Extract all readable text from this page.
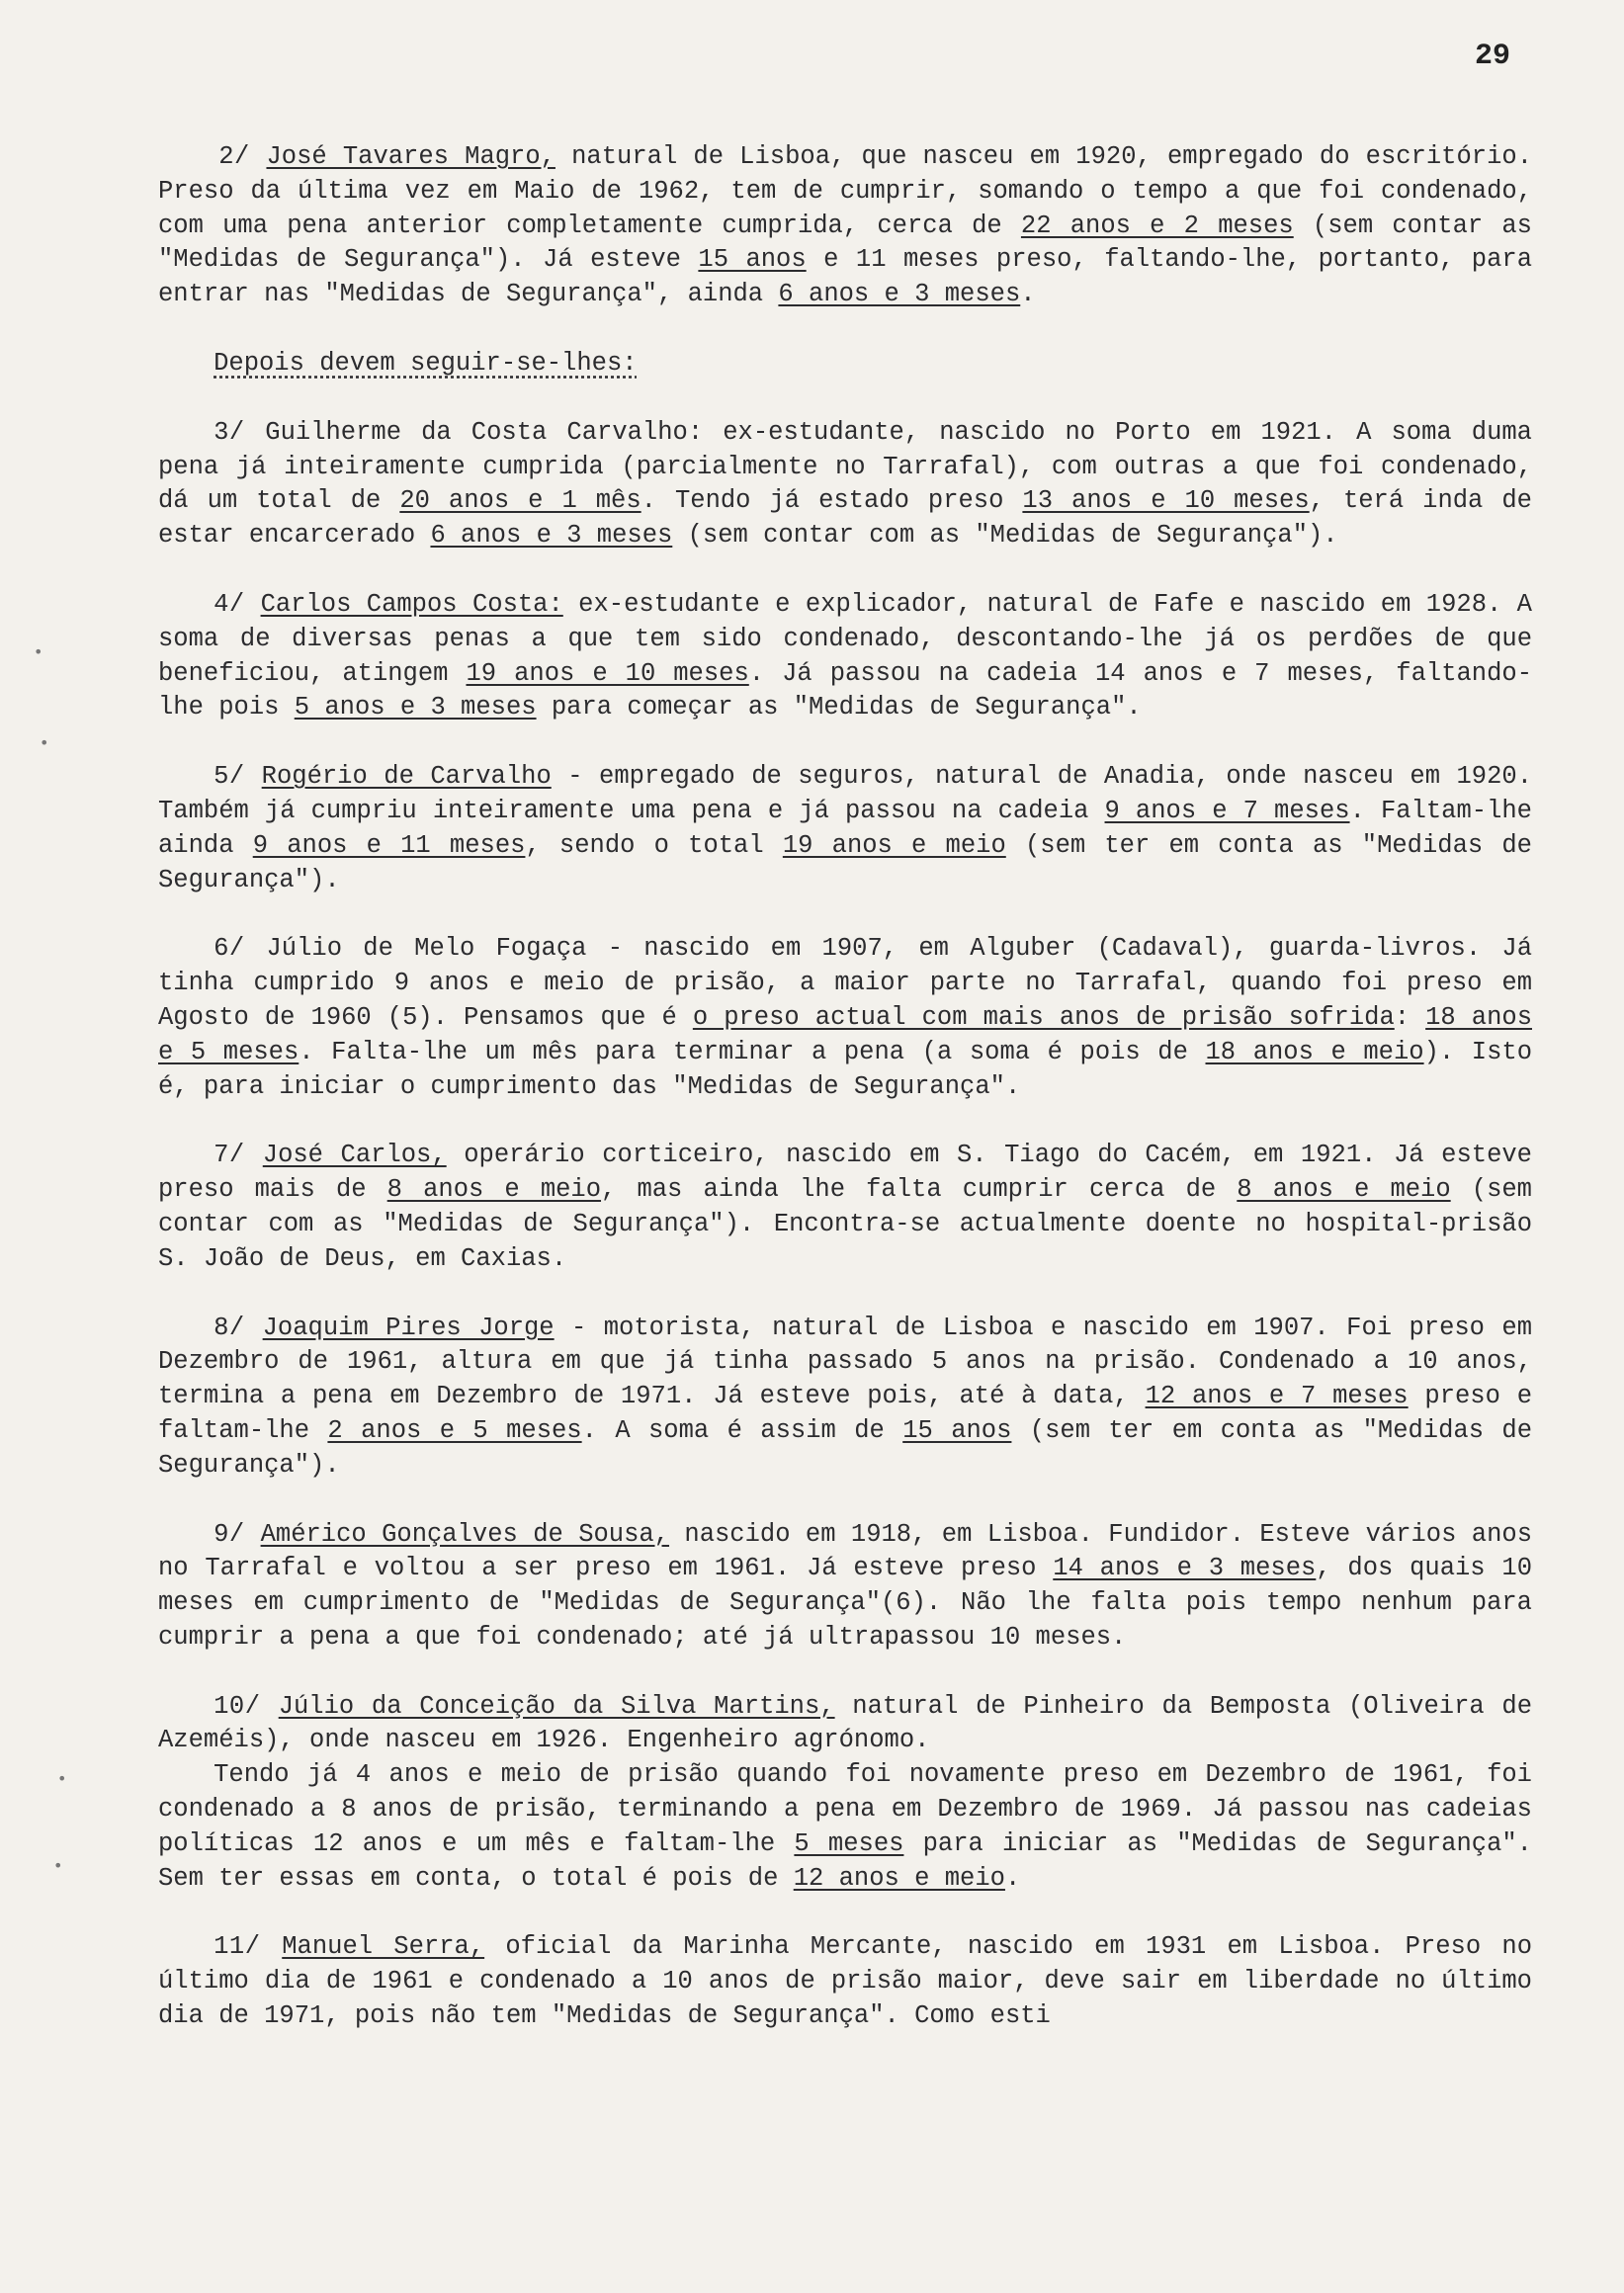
29
•
•
•
•

2/ José Tavares Magro, natural de Lisboa, que nasceu em 1920, empregado do escritório. Preso da última vez em Maio de 1962, tem de cumprir, somando o tempo a que foi condenado, com uma pena anterior completamente cumprida, cerca de 22 anos e 2 meses (sem contar as "Medidas de Segurança"). Já esteve 15 anos e 11 meses preso, faltando-lhe, portanto, para entrar nas "Medidas de Segurança", ainda 6 anos e 3 meses.

Depois devem seguir-se-lhes:

3/ Guilherme da Costa Carvalho: ex-estudante, nascido no Porto em 1921. A soma duma pena já inteiramente cumprida (parcialmente no Tarrafal), com outras a que foi condenado, dá um total de 20 anos e 1 mês. Tendo já estado preso 13 anos e 10 meses, terá inda de estar encarcerado 6 anos e 3 meses (sem contar com as "Medidas de Segurança").

4/ Carlos Campos Costa: ex-estudante e explicador, natural de Fafe e nascido em 1928. A soma de diversas penas a que tem sido condenado, descontando-lhe já os perdões de que beneficiou, atingem 19 anos e 10 meses. Já passou na cadeia 14 anos e 7 meses, faltando-lhe pois 5 anos e 3 meses para começar as "Medidas de Segurança".

5/ Rogério de Carvalho - empregado de seguros, natural de Anadia, onde nasceu em 1920. Também já cumpriu inteiramente uma pena e já passou na cadeia 9 anos e 7 meses. Faltam-lhe ainda 9 anos e 11 meses, sendo o total 19 anos e meio (sem ter em conta as "Medidas de Segurança").

6/ Júlio de Melo Fogaça - nascido em 1907, em Alguber (Cadaval), guarda-livros. Já tinha cumprido 9 anos e meio de prisão, a maior parte no Tarrafal, quando foi preso em Agosto de 1960 (5). Pensamos que é o preso actual com mais anos de prisão sofrida: 18 anos e 5 meses. Falta-lhe um mês para terminar a pena (a soma é pois de 18 anos e meio). Isto é, para iniciar o cumprimento das "Medidas de Segurança".

7/ José Carlos, operário corticeiro, nascido em S. Tiago do Cacém, em 1921. Já esteve preso mais de 8 anos e meio, mas ainda lhe falta cumprir cerca de 8 anos e meio (sem contar com as "Medidas de Segurança"). Encontra-se actualmente doente no hospital-prisão S. João de Deus, em Caxias.

8/ Joaquim Pires Jorge - motorista, natural de Lisboa e nascido em 1907. Foi preso em Dezembro de 1961, altura em que já tinha passado 5 anos na prisão. Condenado a 10 anos, termina a pena em Dezembro de 1971. Já esteve pois, até à data, 12 anos e 7 meses preso e faltam-lhe 2 anos e 5 meses. A soma é assim de 15 anos (sem ter em conta as "Medidas de Segurança").

9/ Américo Gonçalves de Sousa, nascido em 1918, em Lisboa. Fundidor. Esteve vários anos no Tarrafal e voltou a ser preso em 1961. Já esteve preso 14 anos e 3 meses, dos quais 10 meses em cumprimento de "Medidas de Segurança"(6). Não lhe falta pois tempo nenhum para cumprir a pena a que foi condenado; até já ultrapassou 10 meses.

10/ Júlio da Conceição da Silva Martins, natural de Pinheiro da Bemposta (Oliveira de Azeméis), onde nasceu em 1926. Engenheiro agrónomo.
Tendo já 4 anos e meio de prisão quando foi novamente preso em Dezembro de 1961, foi condenado a 8 anos de prisão, terminando a pena em Dezembro de 1969. Já passou nas cadeias políticas 12 anos e um mês e faltam-lhe 5 meses para iniciar as "Medidas de Segurança". Sem ter essas em conta, o total é pois de 12 anos e meio.

11/ Manuel Serra, oficial da Marinha Mercante, nascido em 1931 em Lisboa. Preso no último dia de 1961 e condenado a 10 anos de prisão maior, deve sair em liberdade no último dia de 1971, pois não tem "Medidas de Segurança". Como esti
